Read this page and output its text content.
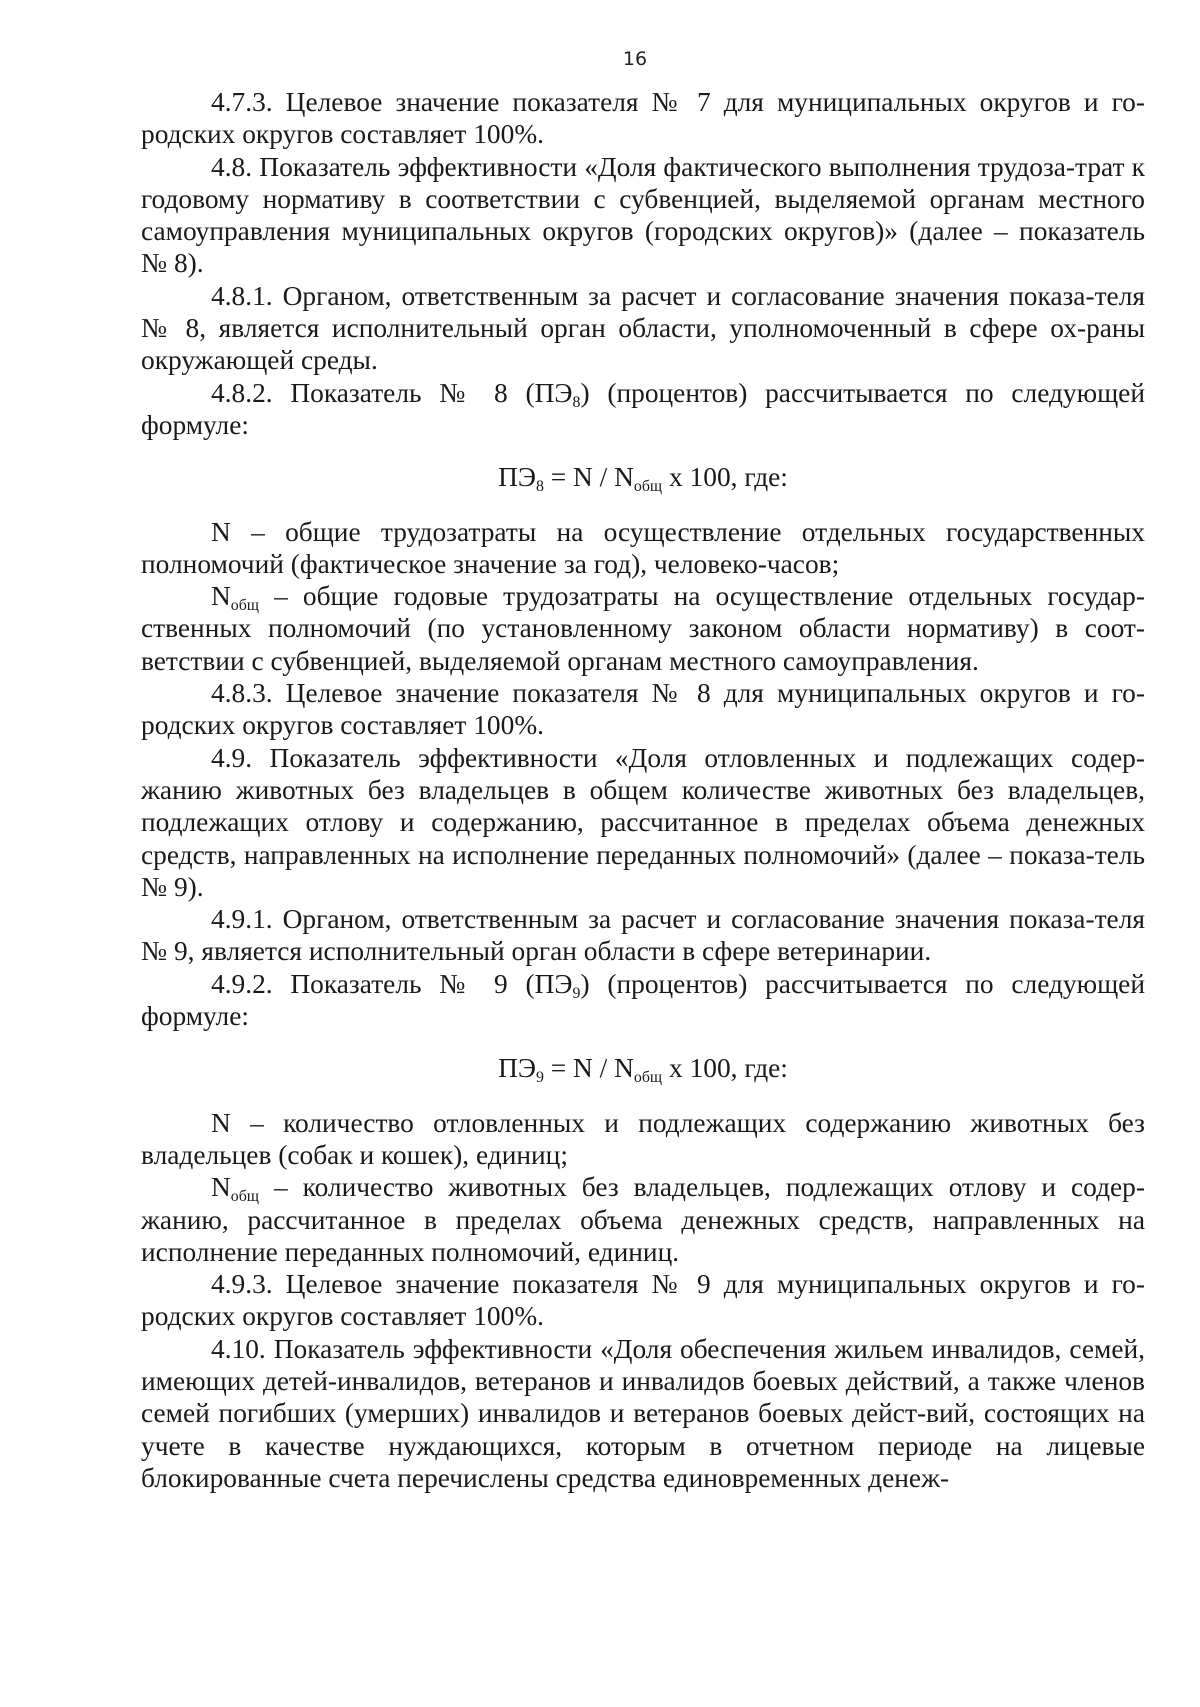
16

4.7.3. Целевое значение показателя № 7 для муниципальных округов и го-родских округов составляет 100%.

4.8. Показатель эффективности «Доля фактического выполнения трудоза-трат к годовому нормативу в соответствии с субвенцией, выделяемой органам местного самоуправления муниципальных округов (городских округов)» (далее – показатель № 8).

4.8.1. Органом, ответственным за расчет и согласование значения показа-теля № 8, является исполнительный орган области, уполномоченный в сфере ох-раны окружающей среды.

4.8.2. Показатель № 8 $(ПЭ_8)$ (процентов) рассчитывается по следующей формуле:

$ПЭ_8 = N / N_{общ}$ x 100, где:

N – общие трудозатраты на осуществление отдельных государственных полномочий (фактическое значение за год), человеко-часов;

$N_{общ}$ – общие годовые трудозатраты на осуществление отдельных государ-ственных полномочий (по установленному законом области нормативу) в соот-ветствии с субвенцией, выделяемой органам местного самоуправления.

4.8.3. Целевое значение показателя № 8 для муниципальных округов и го-родских округов составляет 100%.

4.9. Показатель эффективности «Доля отловленных и подлежащих содер-жанию животных без владельцев в общем количестве животных без владельцев, подлежащих отлову и содержанию, рассчитанное в пределах объема денежных средств, направленных на исполнение переданных полномочий» (далее – показа-тель № 9).

4.9.1. Органом, ответственным за расчет и согласование значения показа-теля № 9, является исполнительный орган области в сфере ветеринарии.

4.9.2. Показатель № 9 $(ПЭ_9)$ (процентов) рассчитывается по следующей формуле:

$ПЭ_9 = N / N_{общ}$ x 100, где:

N – количество отловленных и подлежащих содержанию животных без владельцев (собак и кошек), единиц;

$N_{общ}$ – количество животных без владельцев, подлежащих отлову и содер-жанию, рассчитанное в пределах объема денежных средств, направленных на исполнение переданных полномочий, единиц.

4.9.3. Целевое значение показателя № 9 для муниципальных округов и го-родских округов составляет 100%.

4.10. Показатель эффективности «Доля обеспечения жильем инвалидов, семей, имеющих детей-инвалидов, ветеранов и инвалидов боевых действий, а также членов семей погибших (умерших) инвалидов и ветеранов боевых дейст-вий, состоящих на учете в качестве нуждающихся, которым в отчетном периоде на лицевые блокированные счета перечислены средства единовременных денеж-
